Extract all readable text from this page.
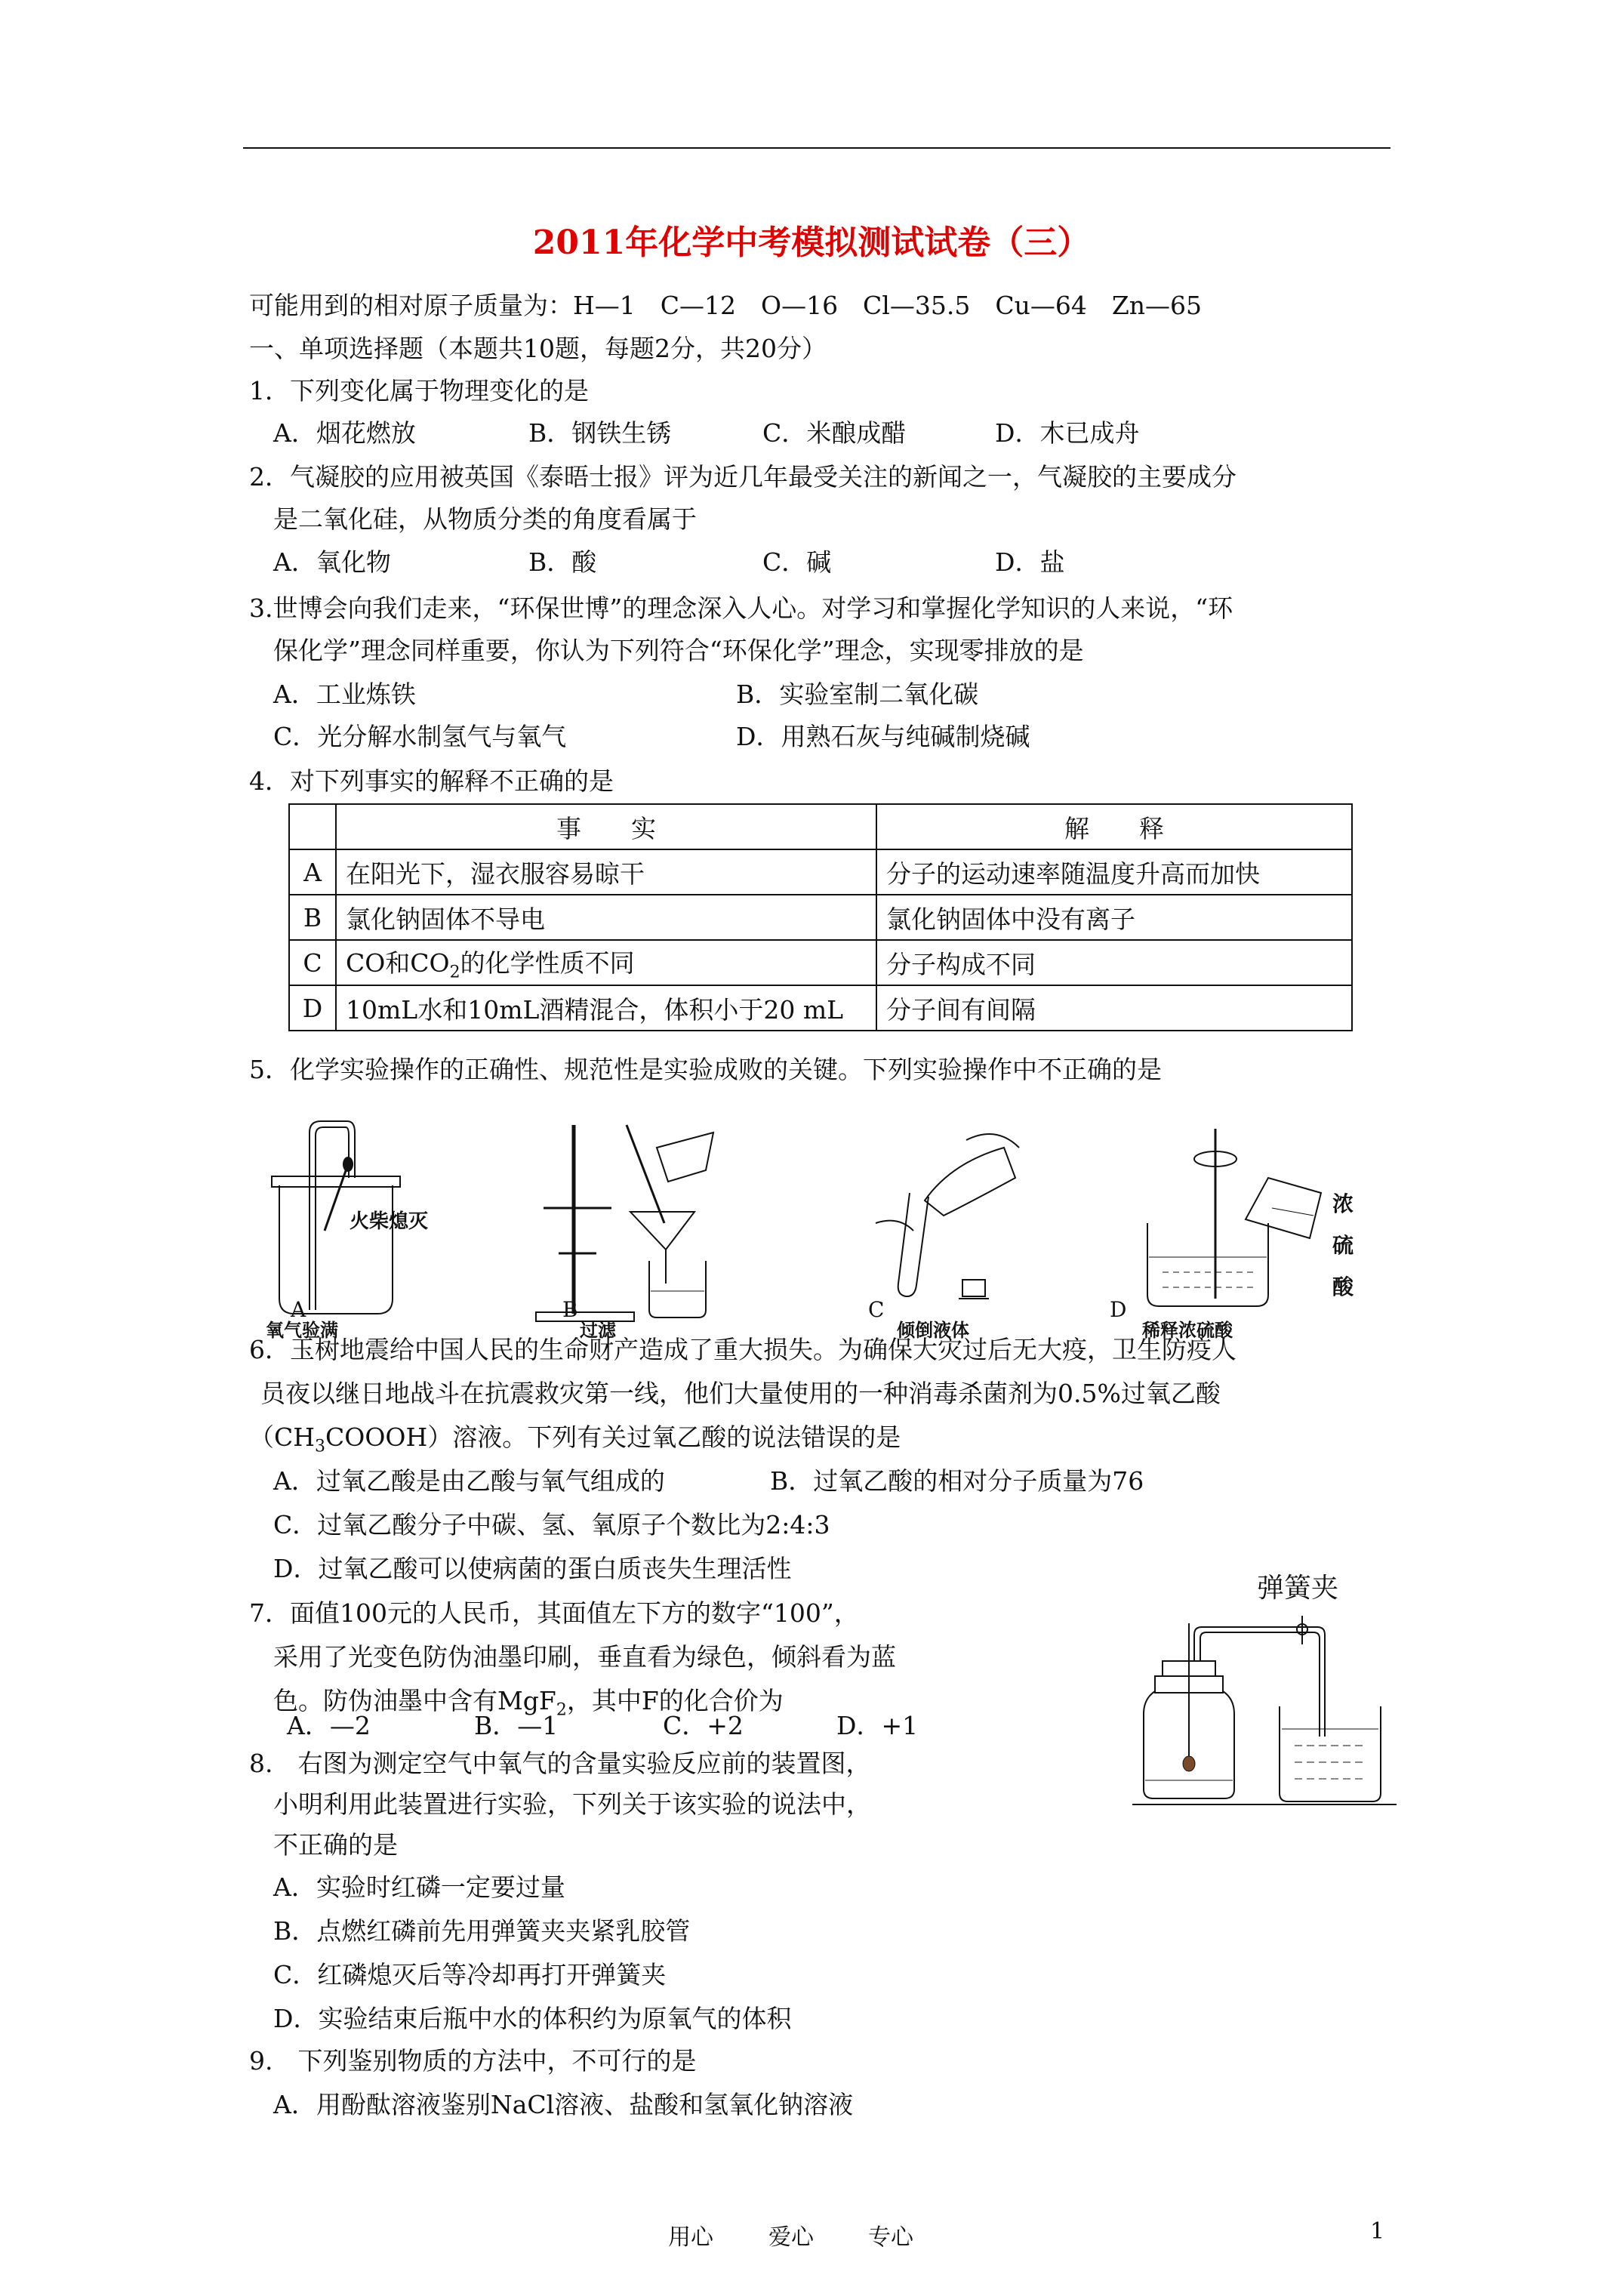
2011年化学中考模拟测试试卷（三）
可能用到的相对原子质量为：H—1　C—12　O—16　Cl—35.5　Cu—64　Zn—65
一、单项选择题（本题共10题，每题2分，共20分）
1．下列变化属于物理变化的是
A．烟花燃放	B．钢铁生锈	C．米酿成醋	D．木已成舟
2．气凝胶的应用被英国《泰晤士报》评为近几年最受关注的新闻之一，气凝胶的主要成分
是二氧化硅，从物质分类的角度看属于
A．氧化物	B．酸	C．碱	D．盐
3.世博会向我们走来，“环保世博”的理念深入人心。对学习和掌握化学知识的人来说，“环
保化学”理念同样重要，你认为下列符合“环保化学”理念，实现零排放的是
A．工业炼铁	B．实验室制二氧化碳
C．光分解水制氢气与氧气	D．用熟石灰与纯碱制烧碱
4．对下列事实的解释不正确的是
	事　　实	解　　释
A	在阳光下，湿衣服容易晾干	分子的运动速率随温度升高而加快
B	氯化钠固体不导电	氯化钠固体中没有离子
C	CO和$CO_2$的化学性质不同	分子构成不同
D	10mL水和10mL酒精混合，体积小于20 mL	分子间有间隔
5．化学实验操作的正确性、规范性是实验成败的关键。下列实验操作中不正确的是
火柴熄灭
A
氧气验满
B
过滤
C
倾倒液体
浓
硫
酸
D
稀释浓硫酸
6．玉树地震给中国人民的生命财产造成了重大损失。为确保大灾过后无大疫，卫生防疫人
员夜以继日地战斗在抗震救灾第一线，他们大量使用的一种消毒杀菌剂为0.5%过氧乙酸
$(CH_3COOOH)$溶液。下列有关过氧乙酸的说法错误的是
A．过氧乙酸是由乙酸与氧气组成的	B．过氧乙酸的相对分子质量为76
C．过氧乙酸分子中碳、氢、氧原子个数比为2:4:3
D．过氧乙酸可以使病菌的蛋白质丧失生理活性
弹簧夹
7．面值100元的人民币，其面值左下方的数字“100”，
采用了光变色防伪油墨印刷，垂直看为绿色，倾斜看为蓝
色。防伪油墨中含有MgF$_2$，其中F的化合价为
A．—2	B．—1	C．+2	D．+1
8.　右图为测定空气中氧气的含量实验反应前的装置图，
小明利用此装置进行实验，下列关于该实验的说法中，
不正确的是
A．实验时红磷一定要过量
B．点燃红磷前先用弹簧夹夹紧乳胶管
C．红磷熄灭后等冷却再打开弹簧夹
D．实验结束后瓶中水的体积约为原氧气的体积
9.　下列鉴别物质的方法中，不可行的是
A．用酚酞溶液鉴别NaCl溶液、盐酸和氢氧化钠溶液
用心 爱心 专心	1
